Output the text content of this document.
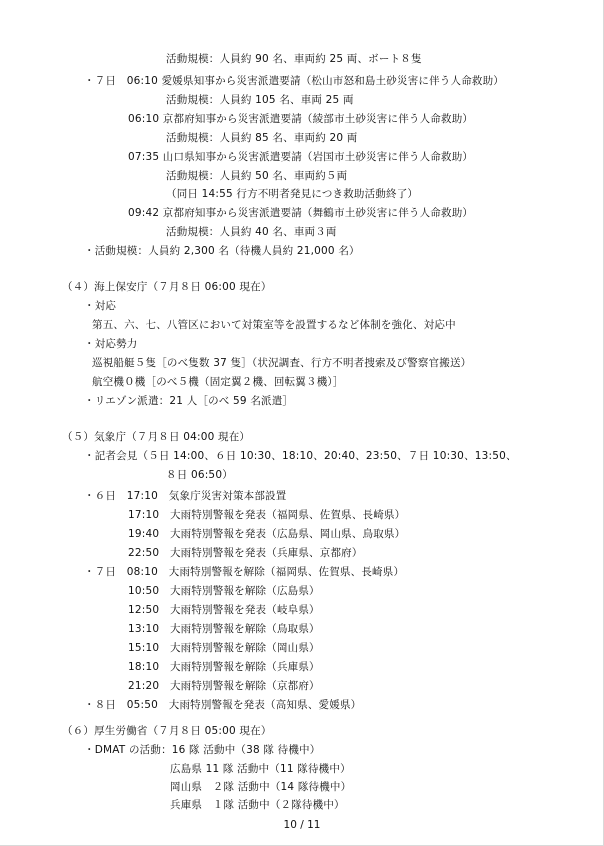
活動規模：人員約 90 名、車両約 25 両、ボート８隻
・７日　06:10 愛媛県知事から災害派遣要請（松山市怒和島土砂災害に伴う人命救助）
活動規模：人員約 105 名、車両 25 両
06:10 京都府知事から災害派遣要請（綾部市土砂災害に伴う人命救助）
活動規模：人員約 85 名、車両約 20 両
07:35 山口県知事から災害派遣要請（岩国市土砂災害に伴う人命救助）
活動規模：人員約 50 名、車両約５両
（同日 14:55 行方不明者発見につき救助活動終了）
09:42 京都府知事から災害派遣要請（舞鶴市土砂災害に伴う人命救助）
活動規模：人員約 40 名、車両３両
・活動規模：人員約 2,300 名（待機人員約 21,000 名）
（４）海上保安庁（７月８日 06:00 現在）
・対応
第五、六、七、八管区において対策室等を設置するなど体制を強化、対応中
・対応勢力
巡視船艇５隻［のべ隻数 37 隻］（状況調査、行方不明者捜索及び警察官搬送）
航空機０機［のべ５機（固定翼２機、回転翼３機）］
・リエゾン派遣：21 人［のべ 59 名派遣］
（５）気象庁（７月８日 04:00 現在）
・記者会見（５日 14:00、６日 10:30、18:10、20:40、23:50、７日 10:30、13:50、
８日 06:50）
・６日　17:10　気象庁災害対策本部設置
17:10　大雨特別警報を発表（福岡県、佐賀県、長崎県）
19:40　大雨特別警報を発表（広島県、岡山県、鳥取県）
22:50　大雨特別警報を発表（兵庫県、京都府）
・７日　08:10　大雨特別警報を解除（福岡県、佐賀県、長崎県）
10:50　大雨特別警報を解除（広島県）
12:50　大雨特別警報を発表（岐阜県）
13:10　大雨特別警報を解除（鳥取県）
15:10　大雨特別警報を解除（岡山県）
18:10　大雨特別警報を解除（兵庫県）
21:20　大雨特別警報を解除（京都府）
・８日　05:50　大雨特別警報を発表（高知県、愛媛県）
（６）厚生労働省（７月８日 05:00 現在）
・DMAT の活動：16 隊 活動中（38 隊 待機中）
広島県 11 隊 活動中（11 隊待機中）
岡山県　２隊 活動中（14 隊待機中）
兵庫県　１隊 活動中（２隊待機中）
10 / 11
